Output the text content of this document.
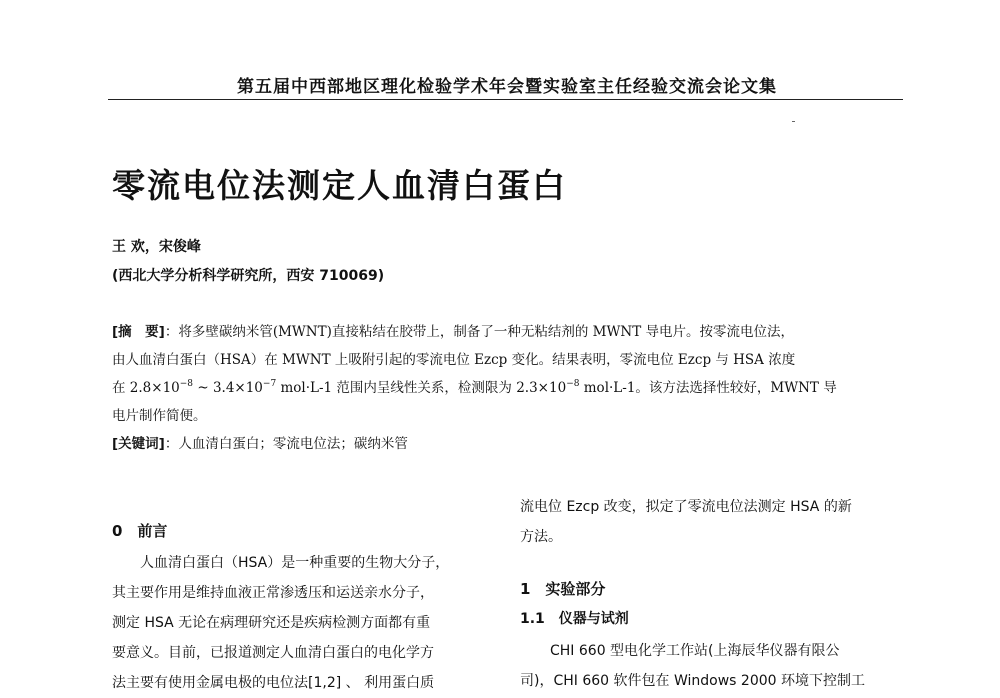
第五届中西部地区理化检验学术年会暨实验室主任经验交流会论文集
零流电位法测定人血清白蛋白
王 欢，宋俊峰
(西北大学分析科学研究所，西安 710069)
[摘　要]：将多壁碳纳米管(MWNT)直接粘结在胶带上，制备了一种无粘结剂的 MWNT 导电片。按零流电位法，
由人血清白蛋白（HSA）在 MWNT 上吸附引起的零流电位 Ezcp 变化。结果表明，零流电位 Ezcp 与 HSA 浓度
在 $2.8\times 10^{-8}$ ~ $3.4\times 10^{-7}$ mol·L-1 范围内呈线性关系，检测限为 $2.3\times 10^{-8}$ mol·L-1。该方法选择性较好，MWNT 导
电片制作简便。
[关键词]：人血清白蛋白；零流电位法；碳纳米管
0　前言
人血清白蛋白（HSA）是一种重要的生物大分子，
其主要作用是维持血液正常渗透压和运送亲水分子，
测定 HSA 无论在病理研究还是疾病检测方面都有重
要意义。目前，已报道测定人血清白蛋白的电化学方
法主要有使用金属电极的电位法[1,2] 、 利用蛋白质
流电位 Ezcp 改变，拟定了零流电位法测定 HSA 的新
方法。
1　实验部分
1.1　仪器与试剂
CHI 660 型电化学工作站(上海辰华仪器有限公
司)，CHI 660 软件包在 Windows 2000 环境下控制工
